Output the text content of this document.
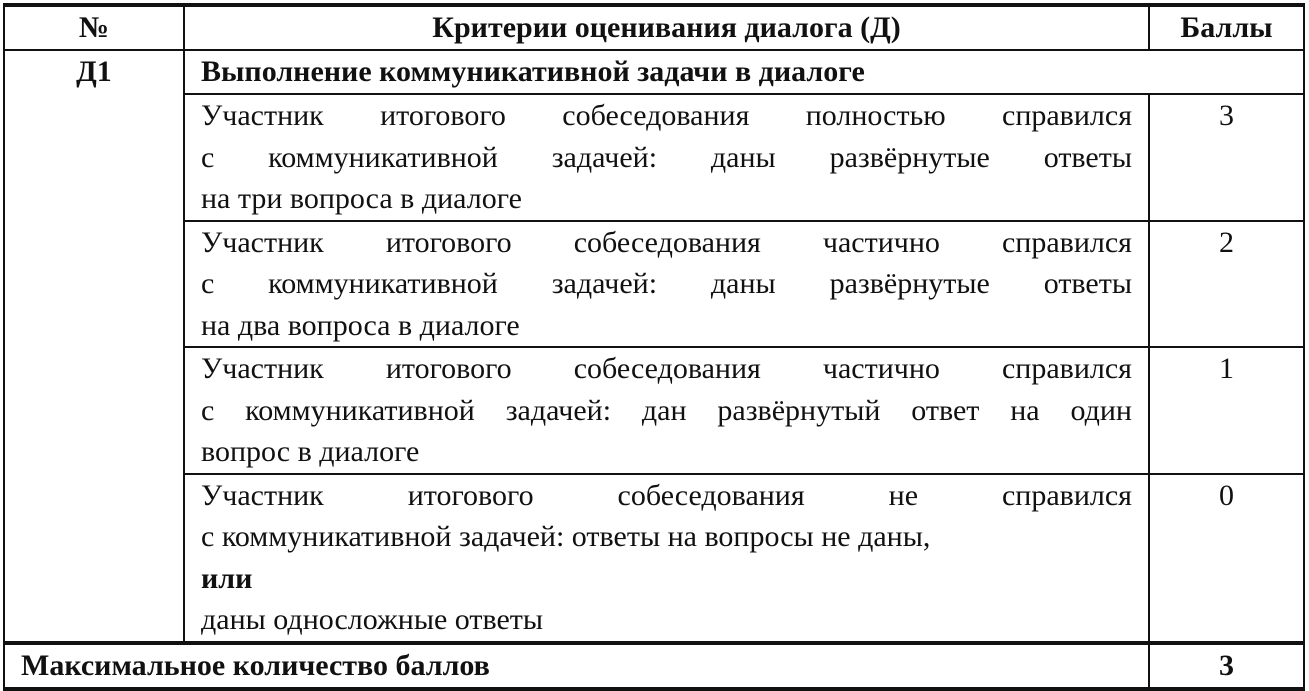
№	Критерии оценивания диалога (Д)	Баллы
Д1	Выполнение коммуникативной задачи в диалоге	

	Участник итогового собеседования полностью справился
с коммуникативной задачей: даны развёрнутые ответы
на три вопроса в диалоге	3

	Участник итогового собеседования частично справился
с коммуникативной задачей: даны развёрнутые ответы
на два вопроса в диалоге	2

	Участник итогового собеседования частично справился
с коммуникативной задачей: дан развёрнутый ответ на один
вопрос в диалоге	1

	Участник итогового собеседования не справился
с коммуникативной задачей: ответы на вопросы не даны,
или
даны односложные ответы	0
Максимальное количество баллов		3
